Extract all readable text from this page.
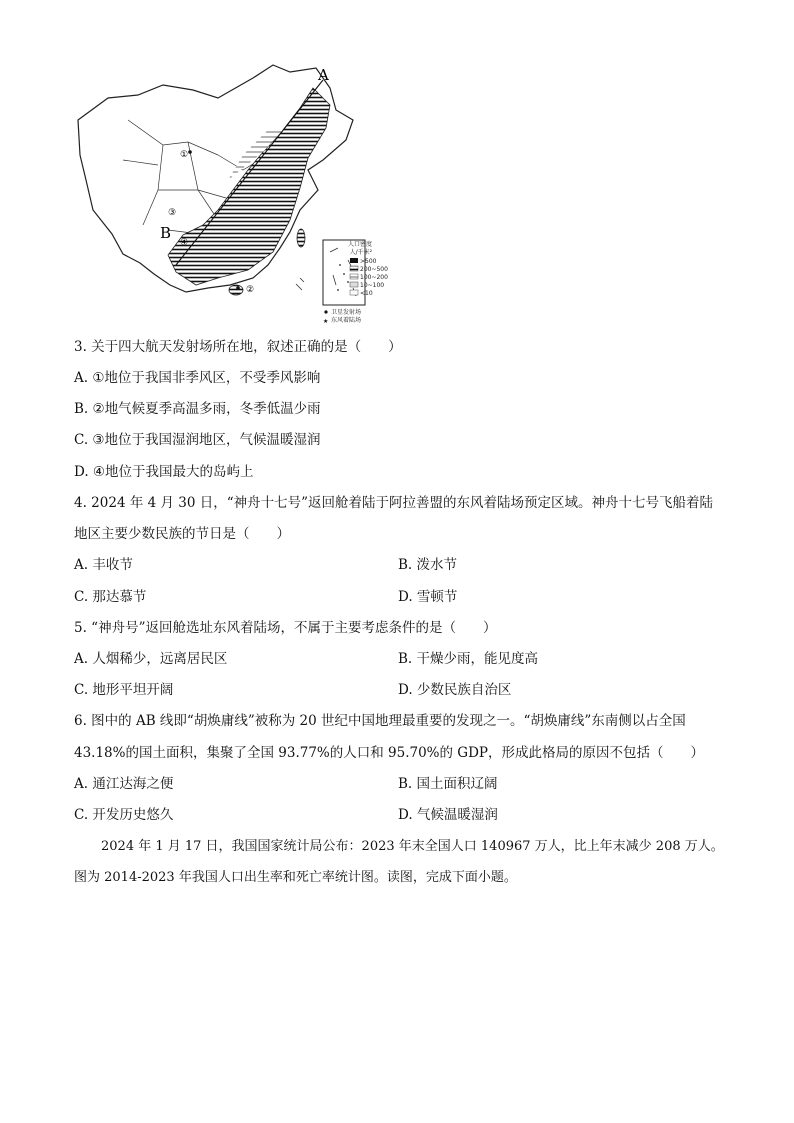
A
B
①
②
③
④	人口密度
人/千米²
>500
200~500
100~200
10~100
<10
卫星发射场
★ 东风着陆场
3. 关于四大航天发射场所在地，叙述正确的是（　　）
A. ①地位于我国非季风区，不受季风影响
B. ②地气候夏季高温多雨，冬季低温少雨
C. ③地位于我国湿润地区，气候温暖湿润
D. ④地位于我国最大的岛屿上
4. 2024 年 4 月 30 日，“神舟十七号”返回舱着陆于阿拉善盟的东风着陆场预定区域。神舟十七号飞船着陆
地区主要少数民族的节日是（　　）
A. 丰收节	B. 泼水节
C. 那达慕节	D. 雪顿节
5. “神舟号”返回舱选址东风着陆场，不属于主要考虑条件的是（　　）
A. 人烟稀少，远离居民区	B. 干燥少雨，能见度高
C. 地形平坦开阔	D. 少数民族自治区
6. 图中的 AB 线即“胡焕庸线”被称为 20 世纪中国地理最重要的发现之一。“胡焕庸线”东南侧以占全国
43.18%的国土面积，集聚了全国 93.77%的人口和 95.70%的 GDP，形成此格局的原因不包括（　　）
A. 通江达海之便	B. 国土面积辽阔
C. 开发历史悠久	D. 气候温暖湿润
2024 年 1 月 17 日，我国国家统计局公布：2023 年末全国人口 140967 万人，比上年末减少 208 万人。
图为 2014-2023 年我国人口出生率和死亡率统计图。读图，完成下面小题。
